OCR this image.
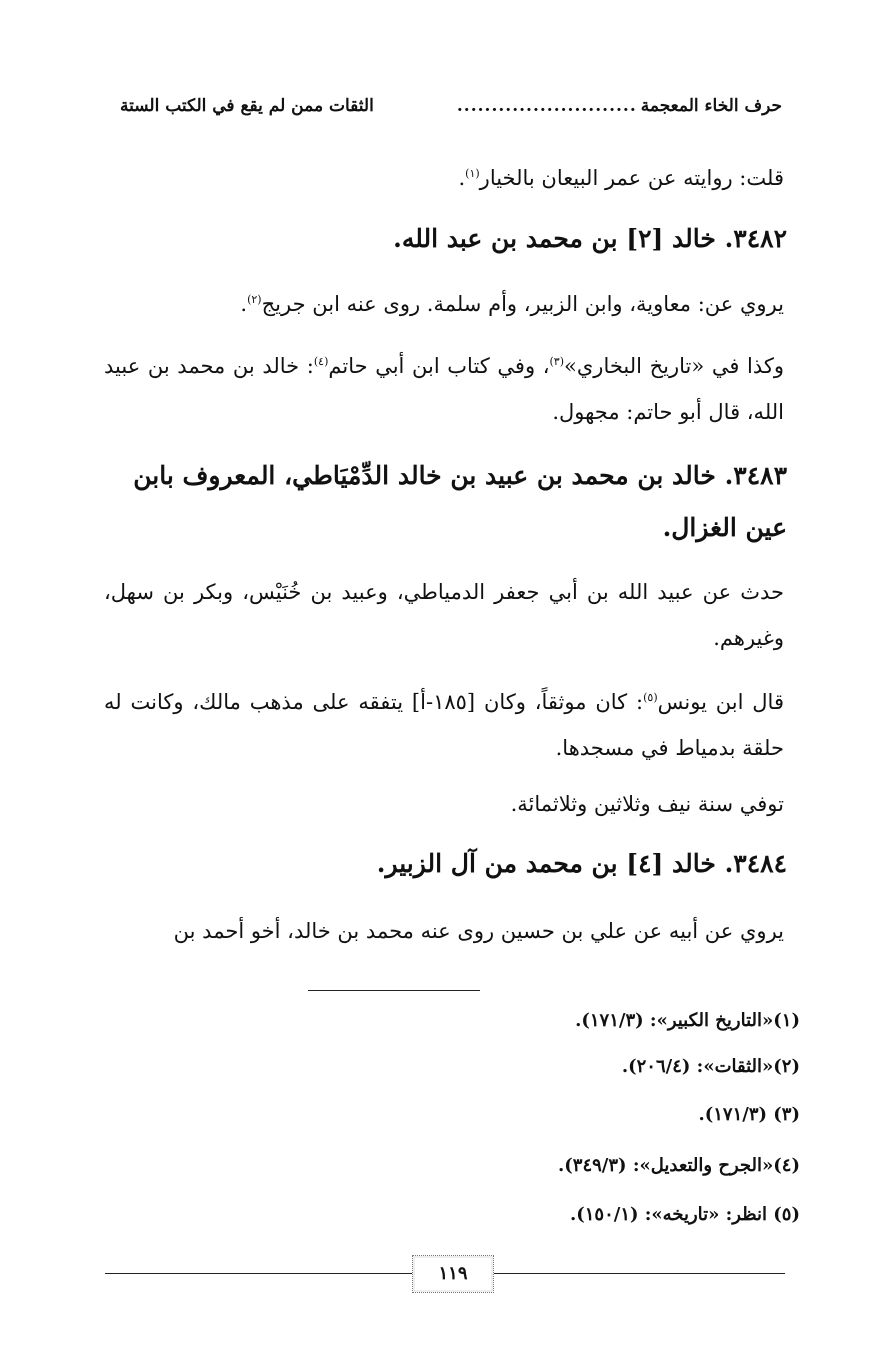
حرف الخاء المعجمة
..........................
الثقات ممن لم يقع في الكتب الستة
قلت: روايته عن عمر البيعان بالخيار$^{(١)}$.
٣٤٨٢. خالد [٢] بن محمد بن عبد الله.
يروي عن: معاوية، وابن الزبير، وأم سلمة. روى عنه ابن جريج$^{(٢)}$.
وكذا في «تاريخ البخاري»$^{(٣)}$، وفي كتاب ابن أبي حاتم$^{(٤)}$: خالد بن محمد بن عبيد الله، قال أبو حاتم: مجهول.
٣٤٨٣. خالد بن محمد بن عبيد بن خالد الدِّمْيَاطي، المعروف بابن عين الغزال.
حدث عن عبيد الله بن أبي جعفر الدمياطي، وعبيد بن خُنَيْس، وبكر بن سهل، وغيرهم.
قال ابن يونس$^{(٥)}$: كان موثقاً، وكان [١٨٥-أ] يتفقه على مذهب مالك، وكانت له حلقة بدمياط في مسجدها.
توفي سنة نيف وثلاثين وثلاثمائة.
٣٤٨٤. خالد [٤] بن محمد من آل الزبير.
يروي عن أبيه عن علي بن حسين روى عنه محمد بن خالد، أخو أحمد بن
(١)«التاريخ الكبير»: (١٧١/٣).
(٢)«الثقات»: (٢٠٦/٤).
(٣) (١٧١/٣).
(٤)«الجرح والتعديل»: (٣٤٩/٣).
(٥) انظر: «تاريخه»: (١٥٠/١).
١١٩
